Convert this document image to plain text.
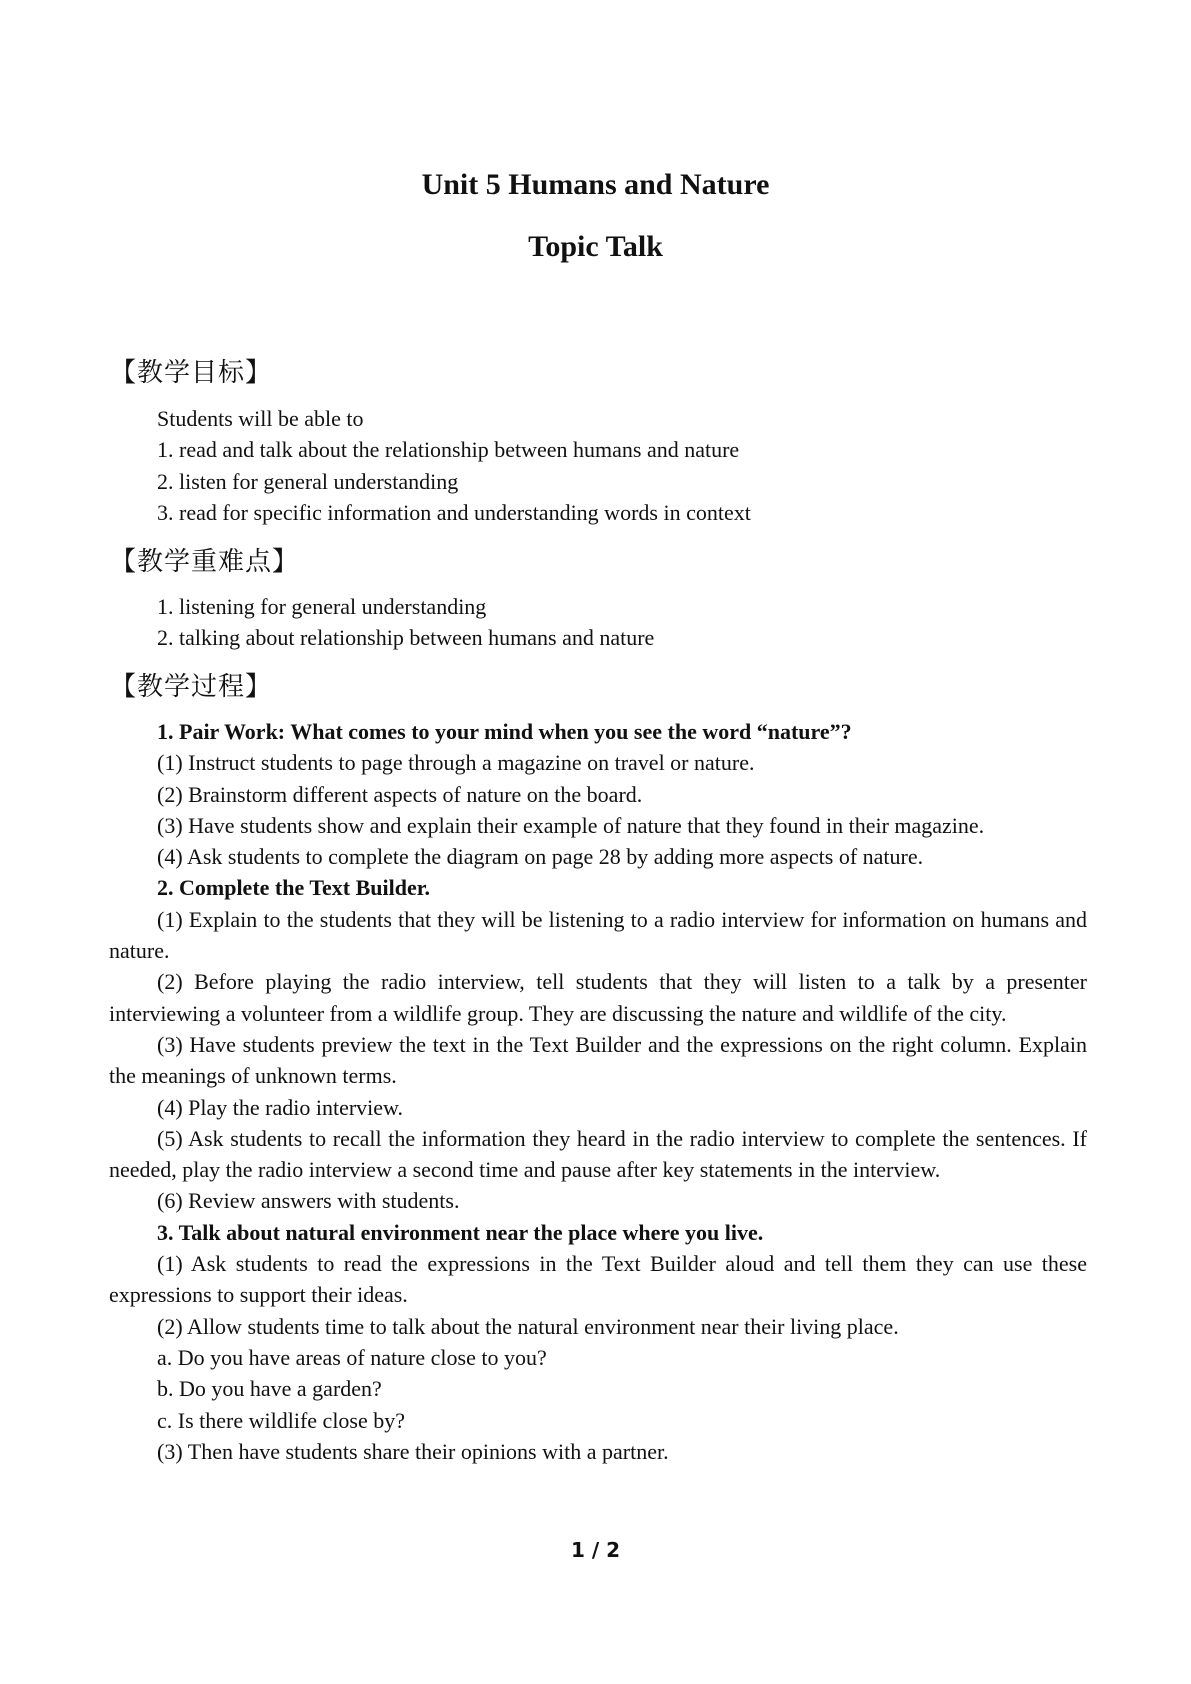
Unit 5 Humans and Nature
Topic Talk
【教学目标】

Students will be able to

1. read and talk about the relationship between humans and nature

2. listen for general understanding

3. read for specific information and understanding words in context

【教学重难点】

1. listening for general understanding

2. talking about relationship between humans and nature

【教学过程】

1. Pair Work: What comes to your mind when you see the word “nature”?

(1) Instruct students to page through a magazine on travel or nature.

(2) Brainstorm different aspects of nature on the board.

(3) Have students show and explain their example of nature that they found in their magazine.

(4) Ask students to complete the diagram on page 28 by adding more aspects of nature.

2. Complete the Text Builder.

(1) Explain to the students that they will be listening to a radio interview for information on humans and nature.

(2) Before playing the radio interview, tell students that they will listen to a talk by a presenter interviewing a volunteer from a wildlife group. They are discussing the nature and wildlife of the city.

(3) Have students preview the text in the Text Builder and the expressions on the right column. Explain the meanings of unknown terms.

(4) Play the radio interview.

(5) Ask students to recall the information they heard in the radio interview to complete the sentences. If needed, play the radio interview a second time and pause after key statements in the interview.

(6) Review answers with students.

3. Talk about natural environment near the place where you live.

(1) Ask students to read the expressions in the Text Builder aloud and tell them they can use these expressions to support their ideas.

(2) Allow students time to talk about the natural environment near their living place.

a. Do you have areas of nature close to you?

b. Do you have a garden?

c. Is there wildlife close by?

(3) Then have students share their opinions with a partner.

1 / 2
